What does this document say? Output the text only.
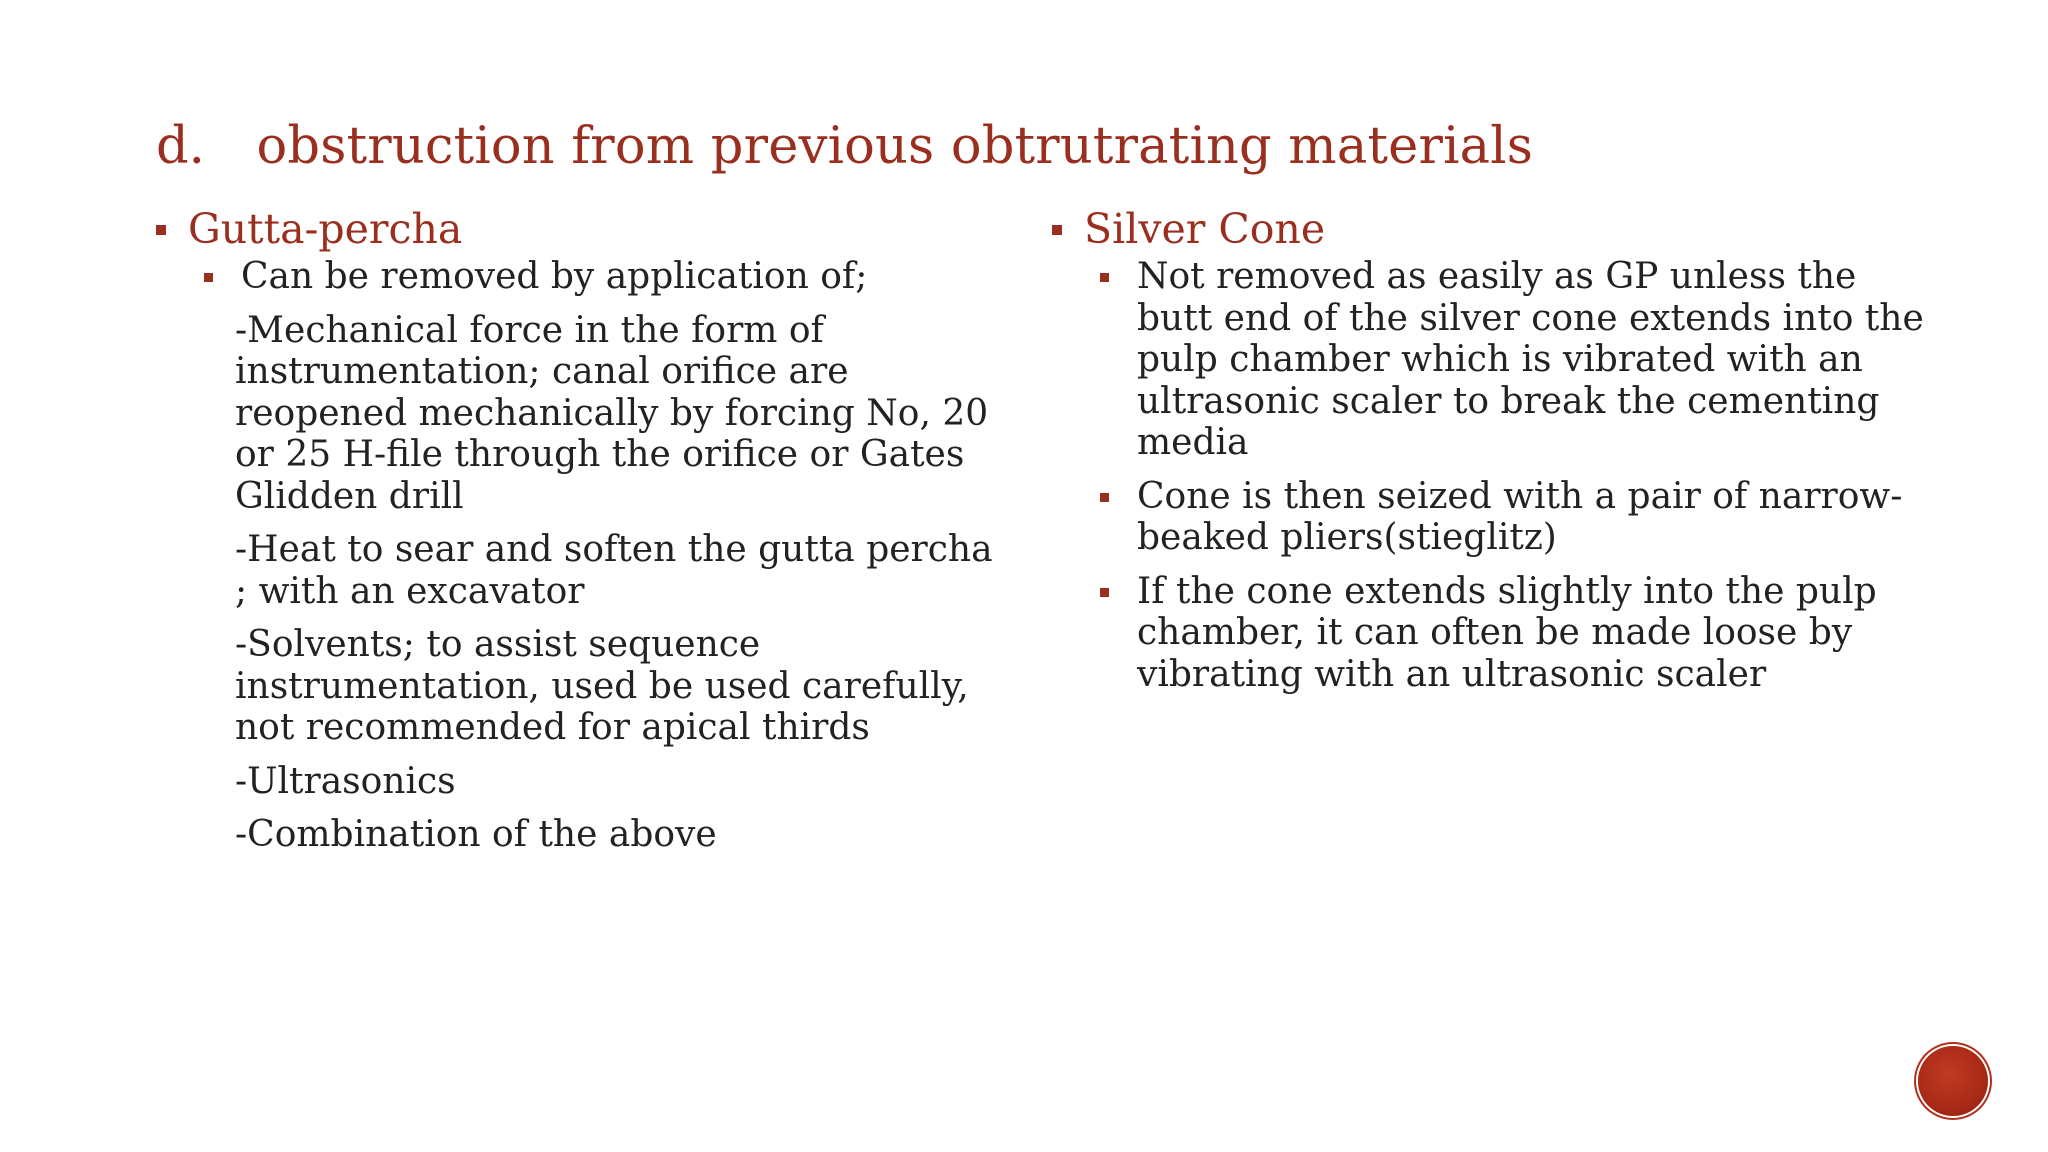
d． obstruction from previous obtrutrating materials
Gutta-percha
Can be removed by application of;
-Mechanical force in the form of instrumentation; canal orifice are reopened mechanically by forcing No, 20 or 25 H-file through the orifice or Gates Glidden drill
-Heat to sear and soften the gutta percha ; with an excavator
-Solvents; to assist sequence instrumentation, used be used carefully, not recommended for apical thirds
-Ultrasonics
-Combination of the above
Silver Cone
Not removed as easily as GP unless the butt end of the silver cone extends into the pulp chamber which is vibrated with an ultrasonic scaler to break the cementing media
Cone is then seized with a pair of narrow-beaked pliers(stieglitz)
If the cone extends slightly into the pulp chamber, it can often be made loose by vibrating with an ultrasonic scaler
